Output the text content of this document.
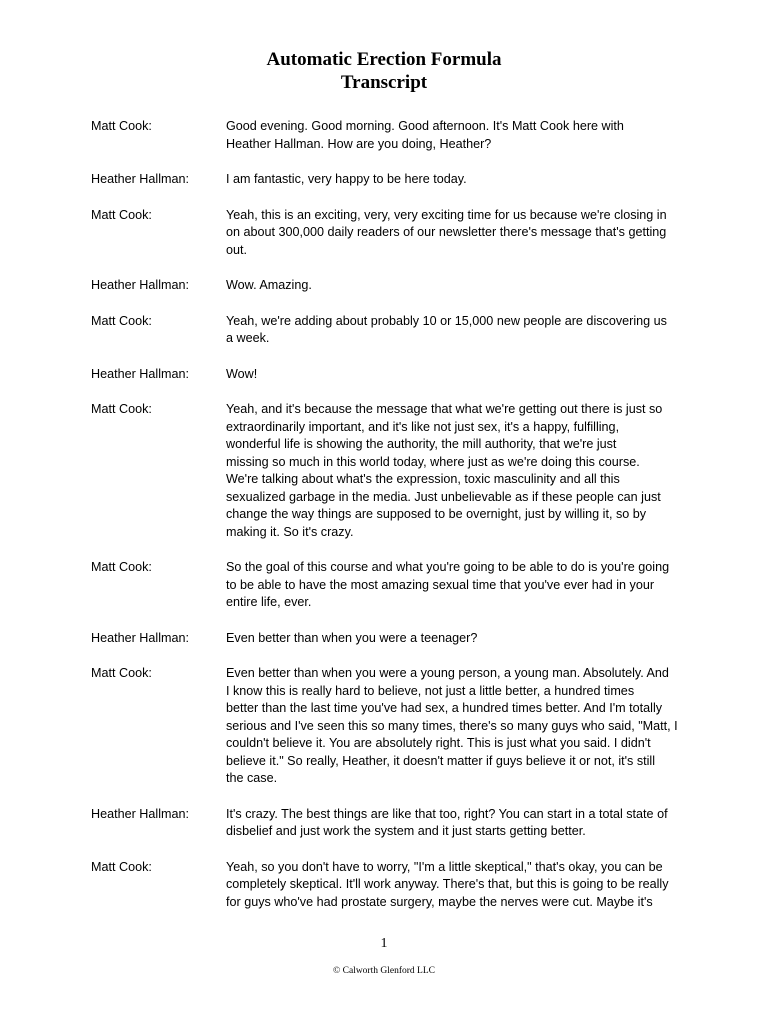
Automatic Erection Formula
Transcript
Matt Cook:	Good evening. Good morning. Good afternoon. It's Matt Cook here with
Heather Hallman. How are you doing, Heather?
Heather Hallman:	I am fantastic, very happy to be here today.
Matt Cook:	Yeah, this is an exciting, very, very exciting time for us because we're closing in
on about 300,000 daily readers of our newsletter there's message that's getting
out.
Heather Hallman:	Wow. Amazing.
Matt Cook:	Yeah, we're adding about probably 10 or 15,000 new people are discovering us
a week.
Heather Hallman:	Wow!
Matt Cook:	Yeah, and it's because the message that what we're getting out there is just so
extraordinarily important, and it's like not just sex, it's a happy, fulfilling,
wonderful life is showing the authority, the mill authority, that we're just
missing so much in this world today, where just as we're doing this course.
We're talking about what's the expression, toxic masculinity and all this
sexualized garbage in the media. Just unbelievable as if these people can just
change the way things are supposed to be overnight, just by willing it, so by
making it. So it's crazy.
Matt Cook:	So the goal of this course and what you're going to be able to do is you're going
to be able to have the most amazing sexual time that you've ever had in your
entire life, ever.
Heather Hallman:	Even better than when you were a teenager?
Matt Cook:	Even better than when you were a young person, a young man. Absolutely. And
I know this is really hard to believe, not just a little better, a hundred times
better than the last time you've had sex, a hundred times better. And I'm totally
serious and I've seen this so many times, there's so many guys who said, "Matt, I
couldn't believe it. You are absolutely right. This is just what you said. I didn't
believe it." So really, Heather, it doesn't matter if guys believe it or not, it's still
the case.
Heather Hallman:	It's crazy. The best things are like that too, right? You can start in a total state of
disbelief and just work the system and it just starts getting better.
Matt Cook:	Yeah, so you don't have to worry, "I'm a little skeptical," that's okay, you can be
completely skeptical. It'll work anyway. There's that, but this is going to be really
for guys who've had prostate surgery, maybe the nerves were cut. Maybe it's
1
© Calworth Glenford LLC
